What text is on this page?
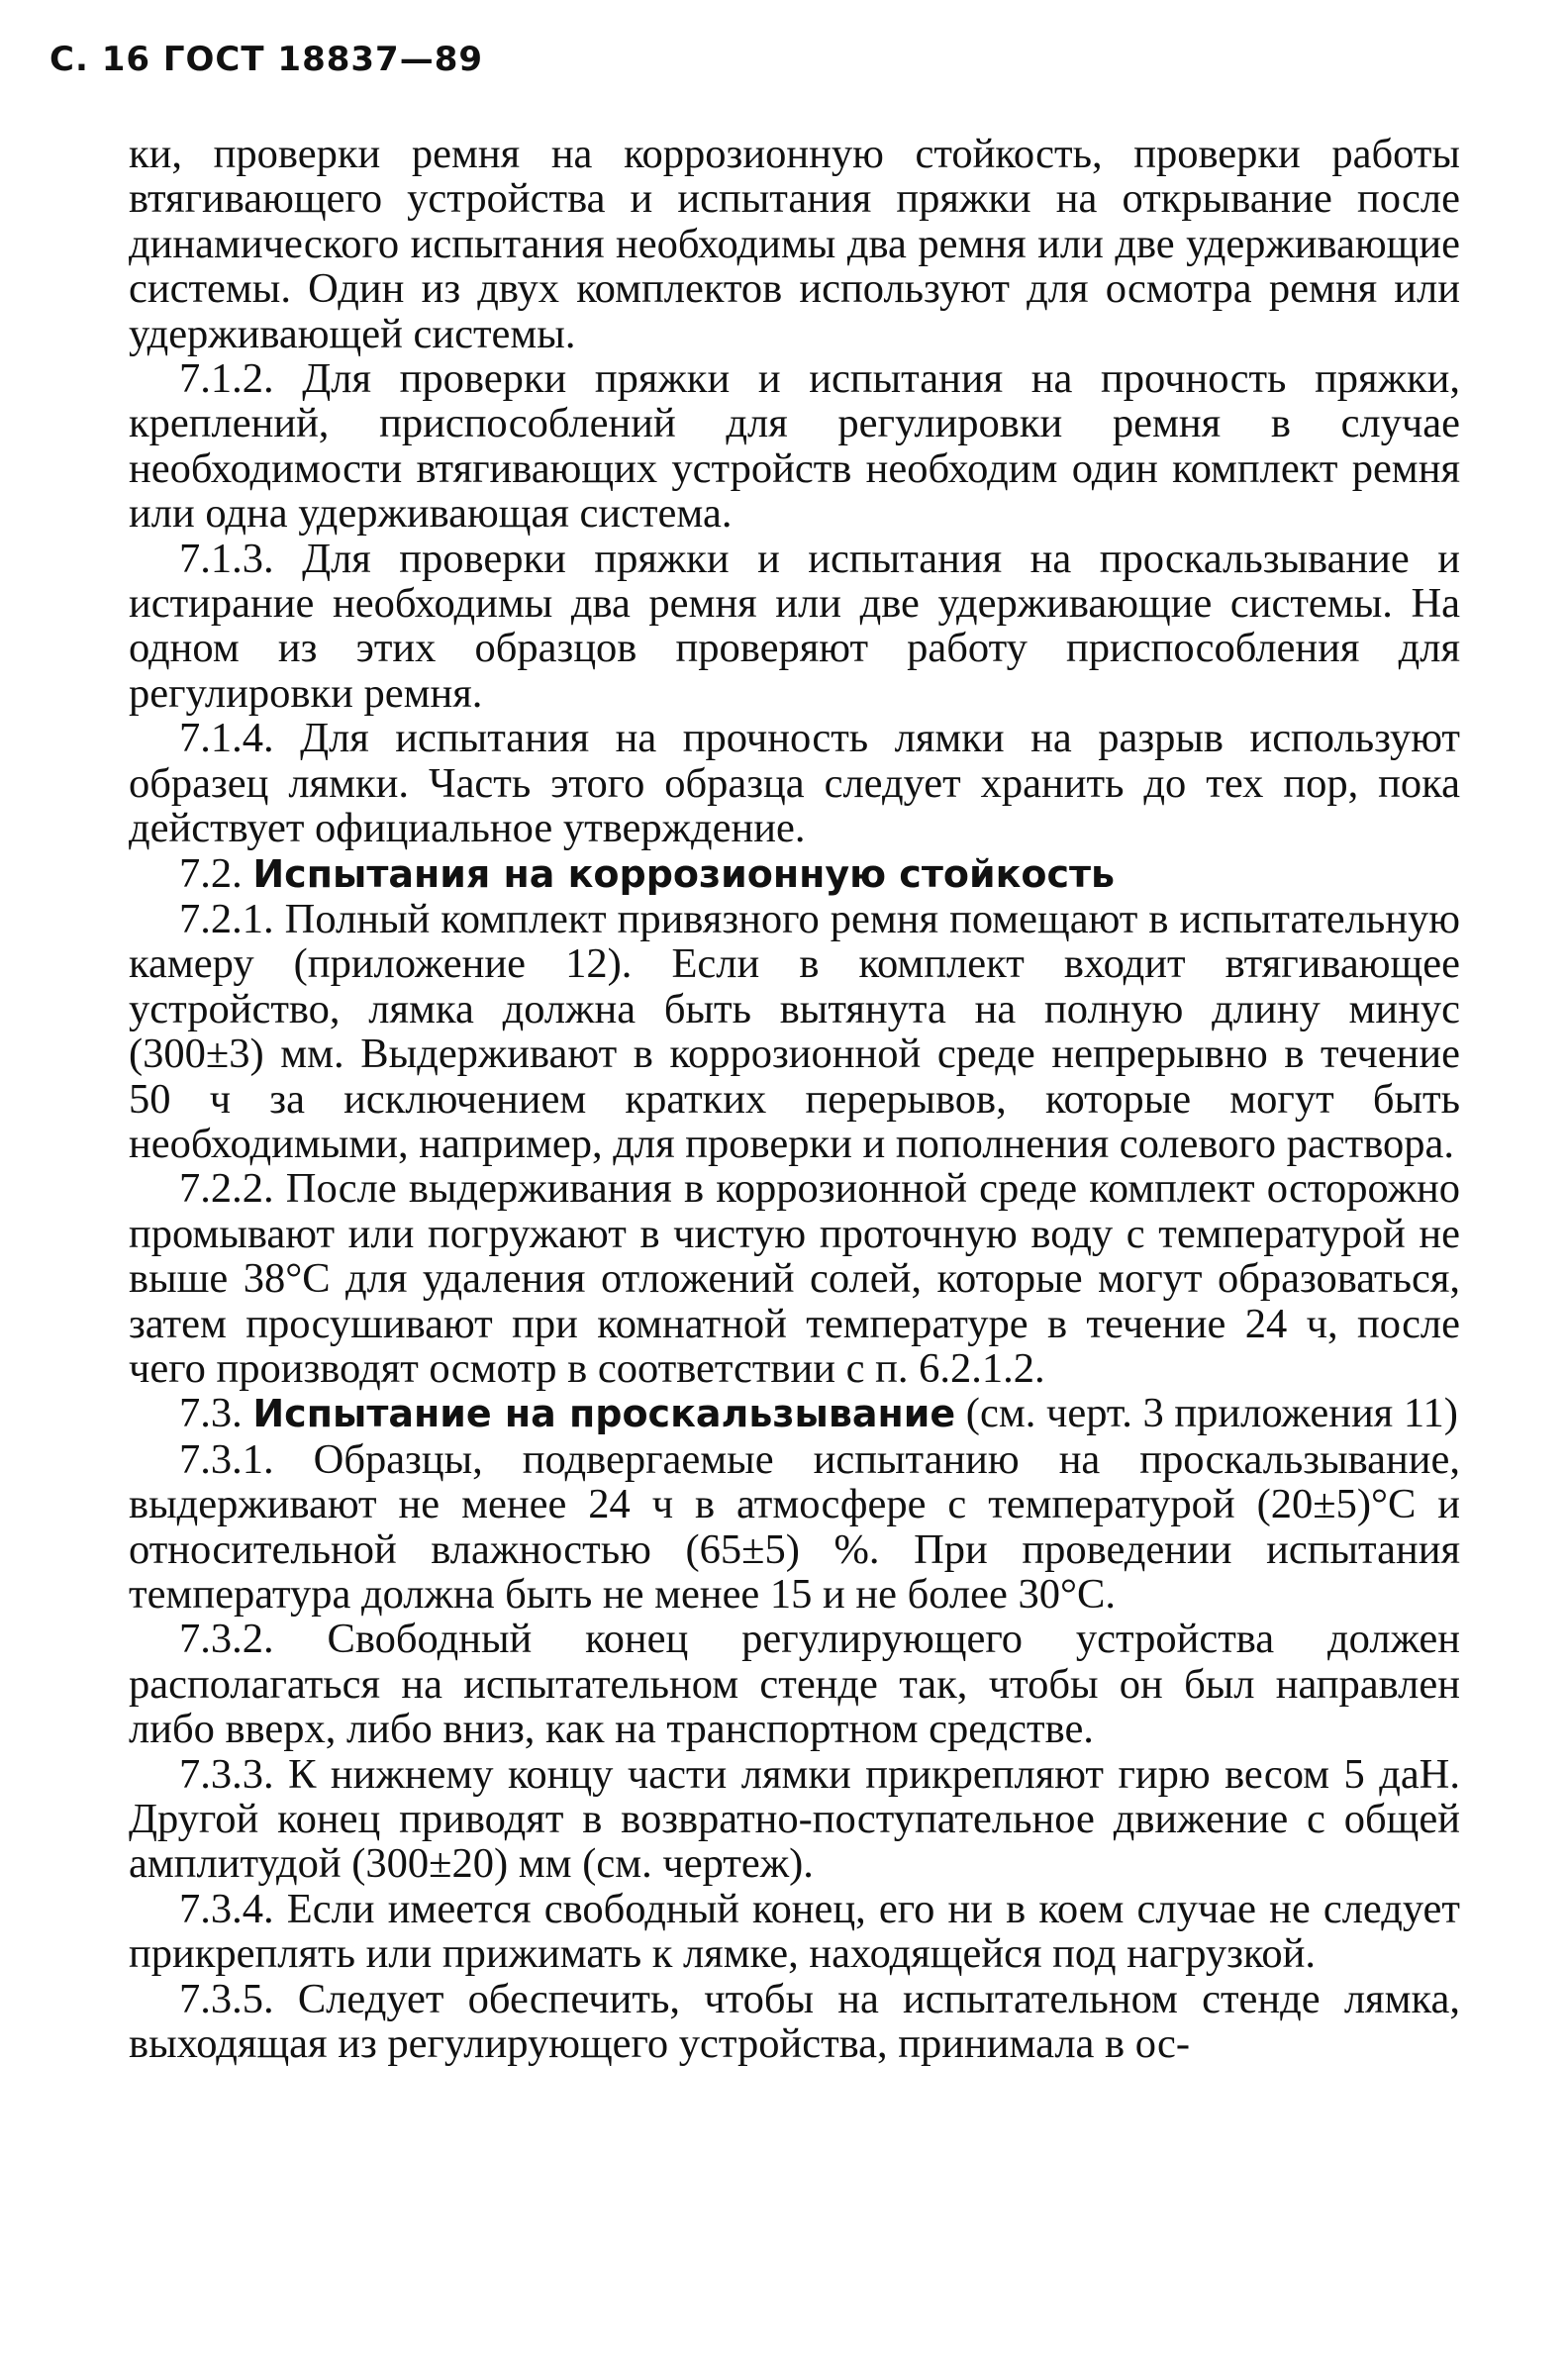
С. 16 ГОСТ 18837—89

ки, проверки ремня на коррозионную стойкость, проверки работы втягивающего устройства и испытания пряжки на открывание после динамического испытания необходимы два ремня или две удерживающие системы. Один из двух комплектов используют для осмотра ремня или удерживающей системы.

7.1.2. Для проверки пряжки и испытания на прочность пряжки, креплений, приспособлений для регулировки ремня в случае необходимости втягивающих устройств необходим один комплект ремня или одна удерживающая система.

7.1.3. Для проверки пряжки и испытания на проскальзывание и истирание необходимы два ремня или две удерживающие системы. На одном из этих образцов проверяют работу приспособления для регулировки ремня.

7.1.4. Для испытания на прочность лямки на разрыв используют образец лямки. Часть этого образца следует хранить до тех пор, пока действует официальное утверждение.

7.2. Испытания на коррозионную стойкость

7.2.1. Полный комплект привязного ремня помещают в испытательную камеру (приложение 12). Если в комплект входит втягивающее устройство, лямка должна быть вытянута на полную длину минус (300±3) мм. Выдерживают в коррозионной среде непрерывно в течение 50 ч за исключением кратких перерывов, которые могут быть необходимыми, например, для проверки и пополнения солевого раствора.

7.2.2. После выдерживания в коррозионной среде комплект осторожно промывают или погружают в чистую проточную воду с температурой не выше 38°С для удаления отложений солей, которые могут образоваться, затем просушивают при комнатной температуре в течение 24 ч, после чего производят осмотр в соответствии с п. 6.2.1.2.

7.3. Испытание на проскальзывание (см. черт. 3 приложения 11)

7.3.1. Образцы, подвергаемые испытанию на проскальзывание, выдерживают не менее 24 ч в атмосфере с температурой (20±5)°С и относительной влажностью (65±5) %. При проведении испытания температура должна быть не менее 15 и не более 30°С.

7.3.2. Свободный конец регулирующего устройства должен располагаться на испытательном стенде так, чтобы он был направлен либо вверх, либо вниз, как на транспортном средстве.

7.3.3. К нижнему концу части лямки прикрепляют гирю весом 5 даН. Другой конец приводят в возвратно-поступательное движение с общей амплитудой (300±20) мм (см. чертеж).

7.3.4. Если имеется свободный конец, его ни в коем случае не следует прикреплять или прижимать к лямке, находящейся под нагрузкой.

7.3.5. Следует обеспечить, чтобы на испытательном стенде лямка, выходящая из регулирующего устройства, принимала в ос-
